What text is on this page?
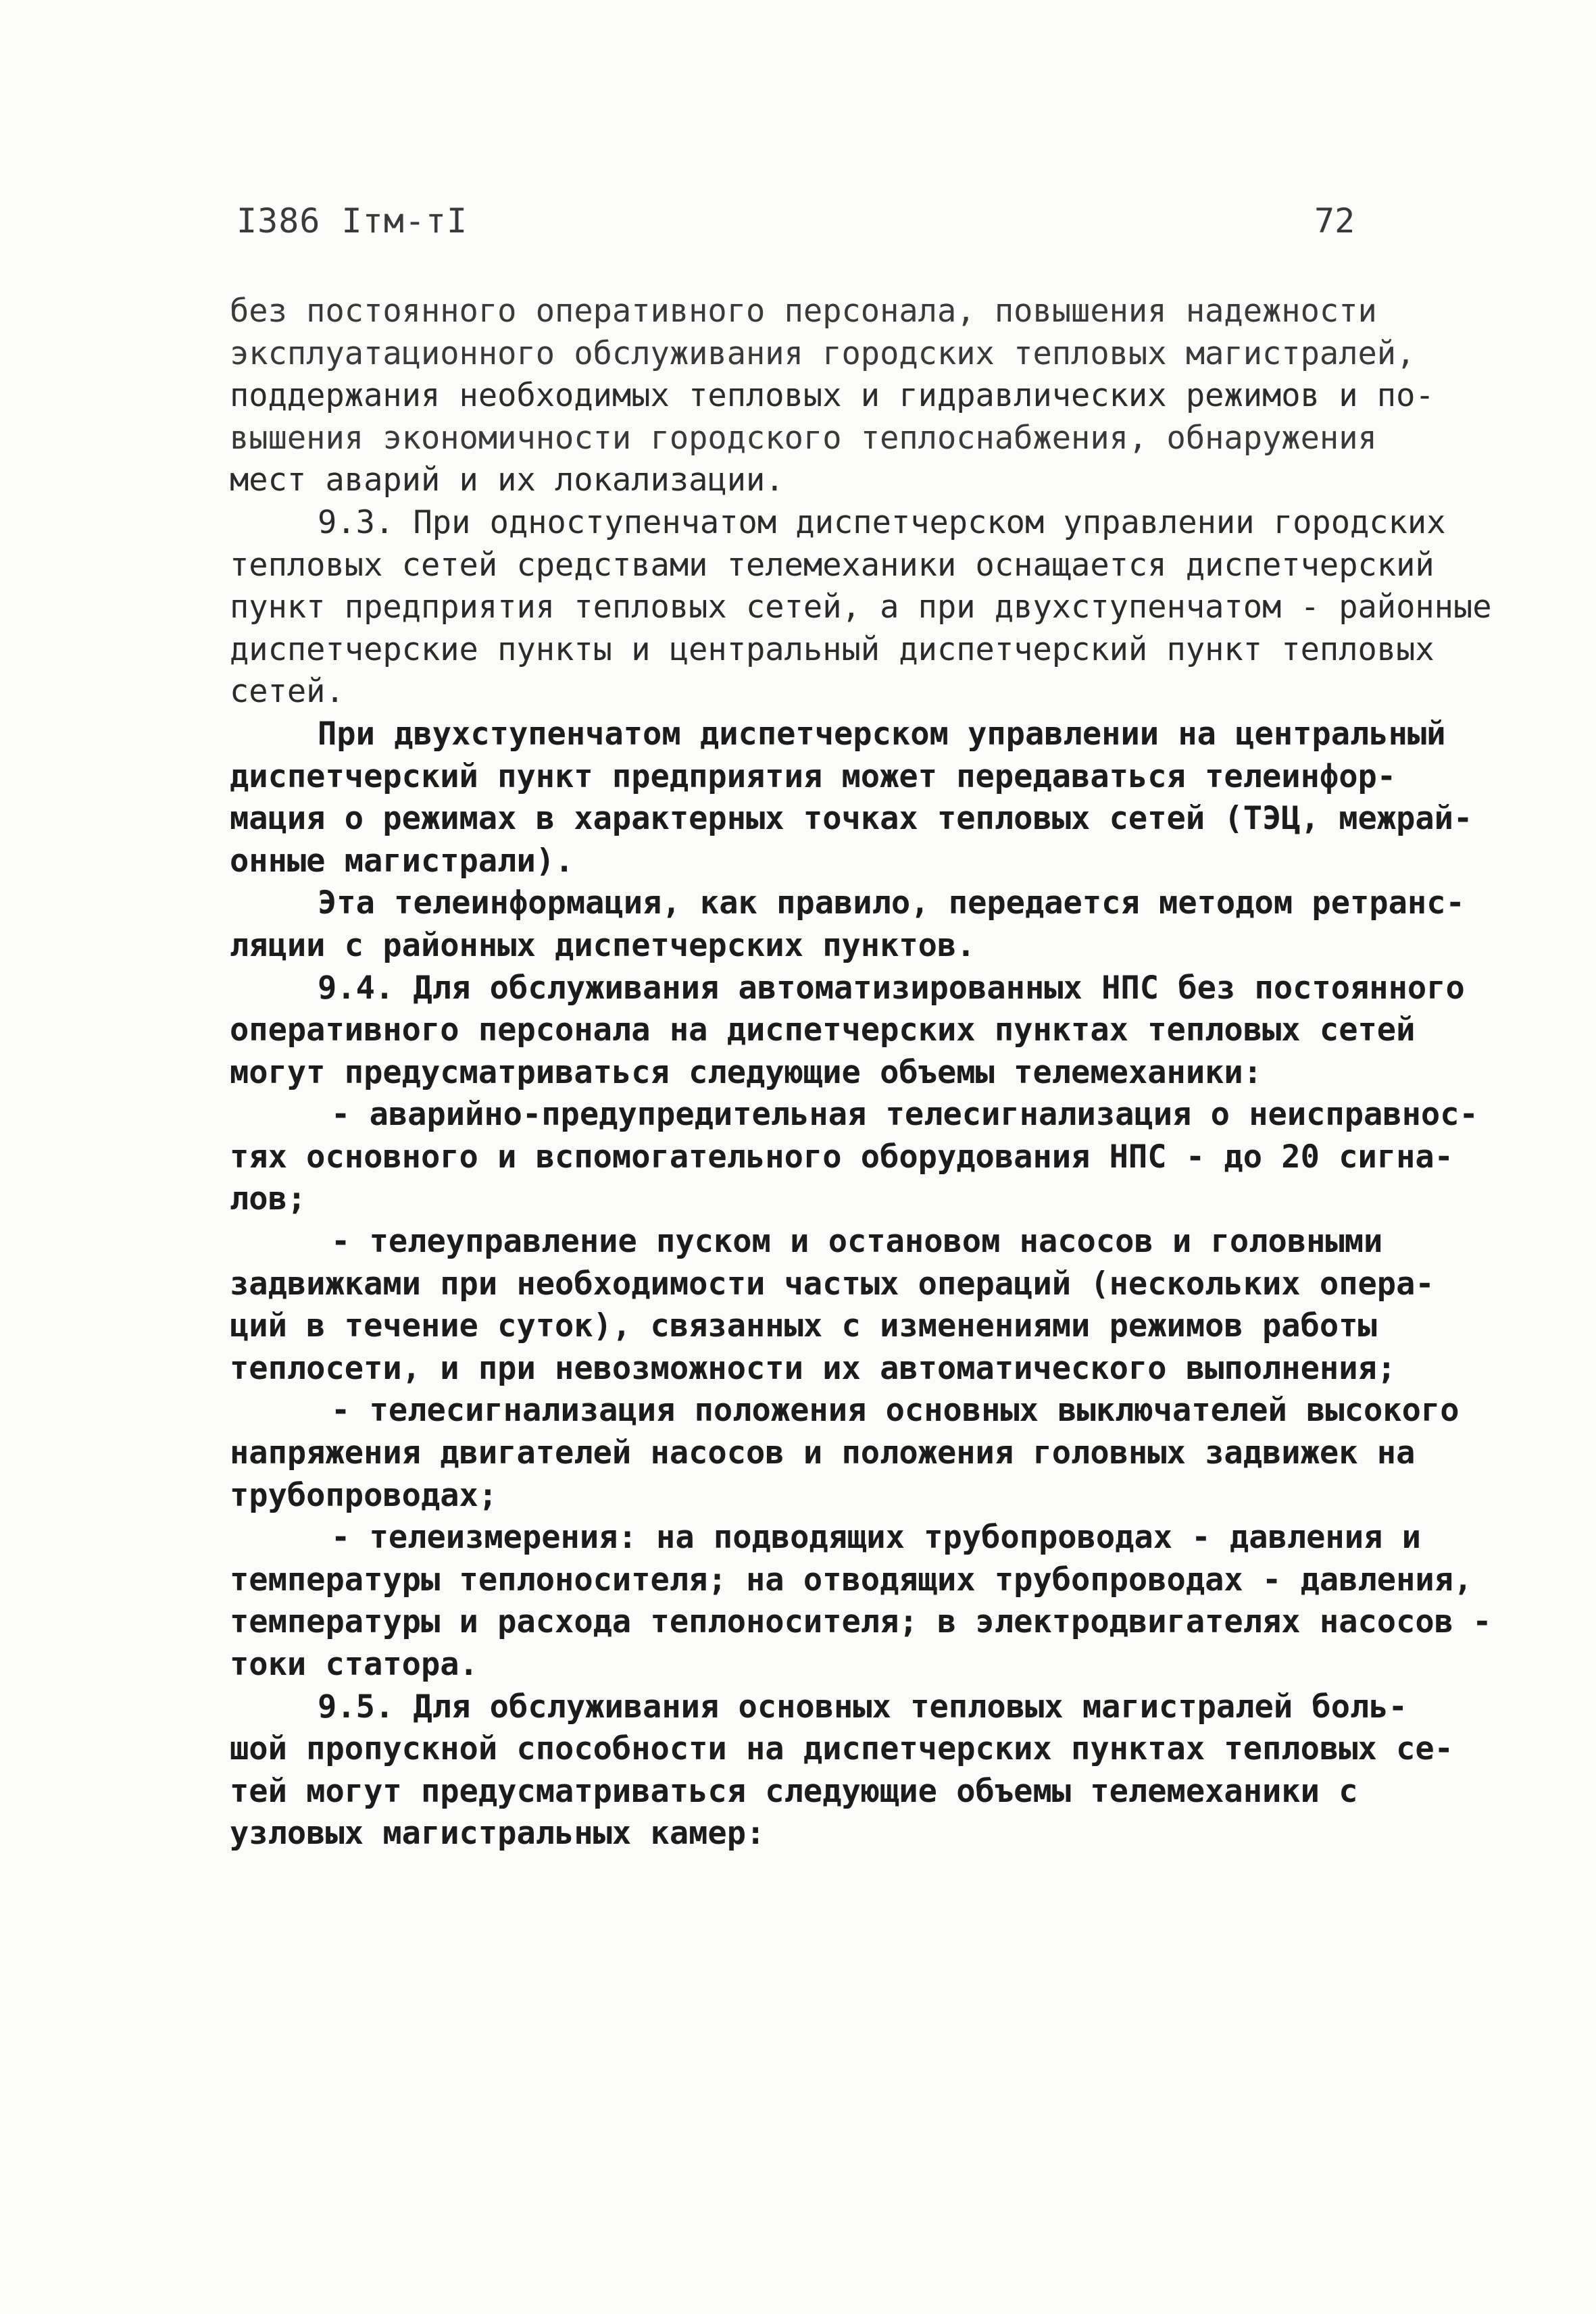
I386 Iтм-тI	72
без постоянного оперативного персонала, повышения надежности
эксплуатационного обслуживания городских тепловых магистралей,
поддержания необходимых тепловых и гидравлических режимов и по-
вышения экономичности городского теплоснабжения, обнаружения
мест аварий и их локализации.
9.3. При одноступенчатом диспетчерском управлении городских
тепловых сетей средствами телемеханики оснащается диспетчерский
пункт предприятия тепловых сетей, а при двухступенчатом - районные
диспетчерские пункты и центральный диспетчерский пункт тепловых
сетей.
При двухступенчатом диспетчерском управлении на центральный
диспетчерский пункт предприятия может передаваться телеинфор-
мация о режимах в характерных точках тепловых сетей (ТЭЦ, межрай-
онные магистрали).
Эта телеинформация, как правило, передается методом ретранс-
ляции с районных диспетчерских пунктов.
9.4. Для обслуживания автоматизированных НПС без постоянного
оперативного персонала на диспетчерских пунктах тепловых сетей
могут предусматриваться следующие объемы телемеханики:
- аварийно-предупредительная телесигнализация о неисправнос-
тях основного и вспомогательного оборудования НПС - до 20 сигна-
лов;
- телеуправление пуском и остановом насосов и головными
задвижками при необходимости частых операций (нескольких опера-
ций в течение суток), связанных с изменениями режимов работы
теплосети, и при невозможности их автоматического выполнения;
- телесигнализация положения основных выключателей высокого
напряжения двигателей насосов и положения головных задвижек на
трубопроводах;
- телеизмерения: на подводящих трубопроводах - давления и
температуры теплоносителя; на отводящих трубопроводах - давления,
температуры и расхода теплоносителя; в электродвигателях насосов -
токи статора.
9.5. Для обслуживания основных тепловых магистралей боль-
шой пропускной способности на диспетчерских пунктах тепловых се-
тей могут предусматриваться следующие объемы телемеханики с
узловых магистральных камер:
